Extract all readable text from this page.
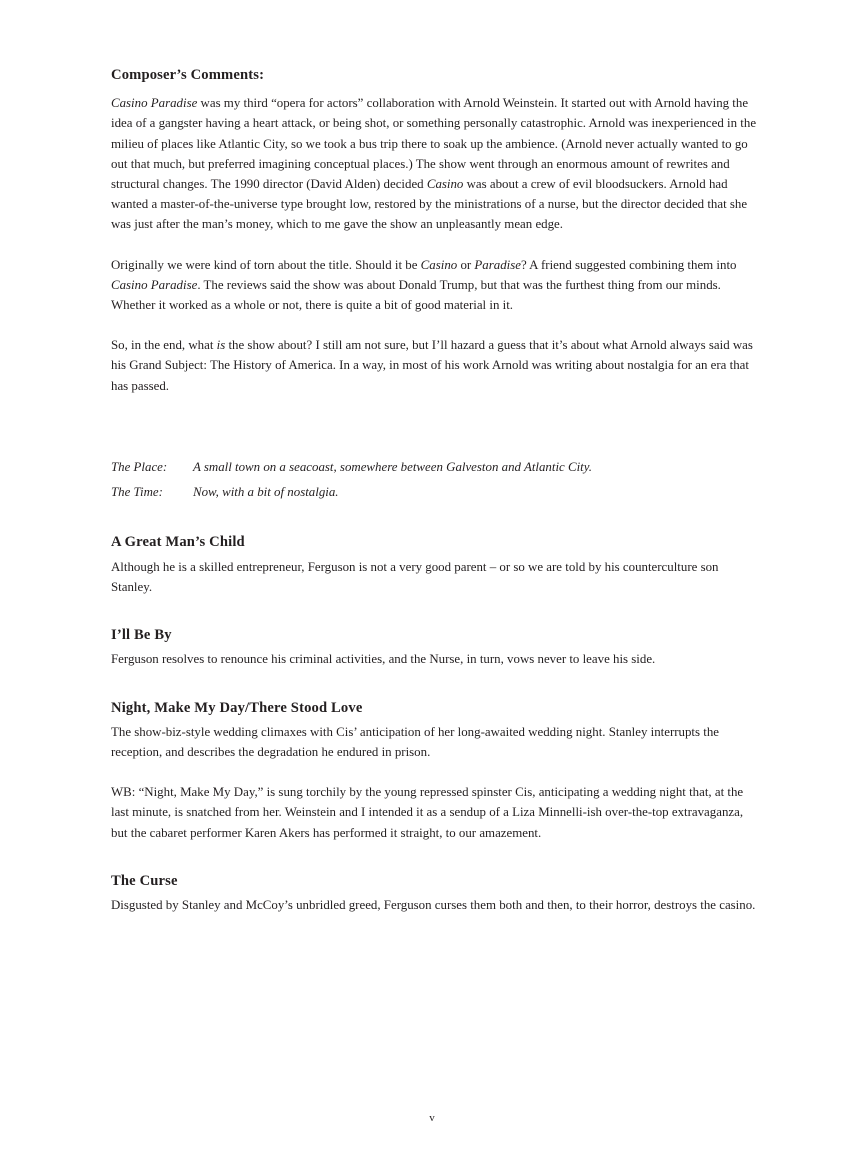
Composer’s Comments:

Casino Paradise was my third “opera for actors” collaboration with Arnold Weinstein. It started out with Arnold having the idea of a gangster having a heart attack, or being shot, or something personally catastrophic. Arnold was inexperienced in the milieu of places like Atlantic City, so we took a bus trip there to soak up the ambience. (Arnold never actually wanted to go out that much, but preferred imagining conceptual places.) The show went through an enormous amount of rewrites and structural changes. The 1990 director (David Alden) decided Casino was about a crew of evil bloodsuckers. Arnold had wanted a master-of-the-universe type brought low, restored by the ministrations of a nurse, but the director decided that she was just after the man’s money, which to me gave the show an unpleasantly mean edge.

Originally we were kind of torn about the title. Should it be Casino or Paradise? A friend suggested combining them into Casino Paradise. The reviews said the show was about Donald Trump, but that was the furthest thing from our minds. Whether it worked as a whole or not, there is quite a bit of good material in it.

So, in the end, what is the show about? I still am not sure, but I’ll hazard a guess that it’s about what Arnold always said was his Grand Subject: The History of America. In a way, in most of his work Arnold was writing about nostalgia for an era that has passed.

The Place:	A small town on a seacoast, somewhere between Galveston and Atlantic City.
The Time:	Now, with a bit of nostalgia.
A Great Man’s Child

Although he is a skilled entrepreneur, Ferguson is not a very good parent – or so we are told by his counterculture son Stanley.

I’ll Be By

Ferguson resolves to renounce his criminal activities, and the Nurse, in turn, vows never to leave his side.

Night, Make My Day/There Stood Love

The show-biz-style wedding climaxes with Cis’ anticipation of her long-awaited wedding night. Stanley interrupts the reception, and describes the degradation he endured in prison.

WB: “Night, Make My Day,” is sung torchily by the young repressed spinster Cis, anticipating a wedding night that, at the last minute, is snatched from her. Weinstein and I intended it as a sendup of a Liza Minnelli-ish over-the-top extravaganza, but the cabaret performer Karen Akers has performed it straight, to our amazement.

The Curse

Disgusted by Stanley and McCoy’s unbridled greed, Ferguson curses them both and then, to their horror, destroys the casino.

v
